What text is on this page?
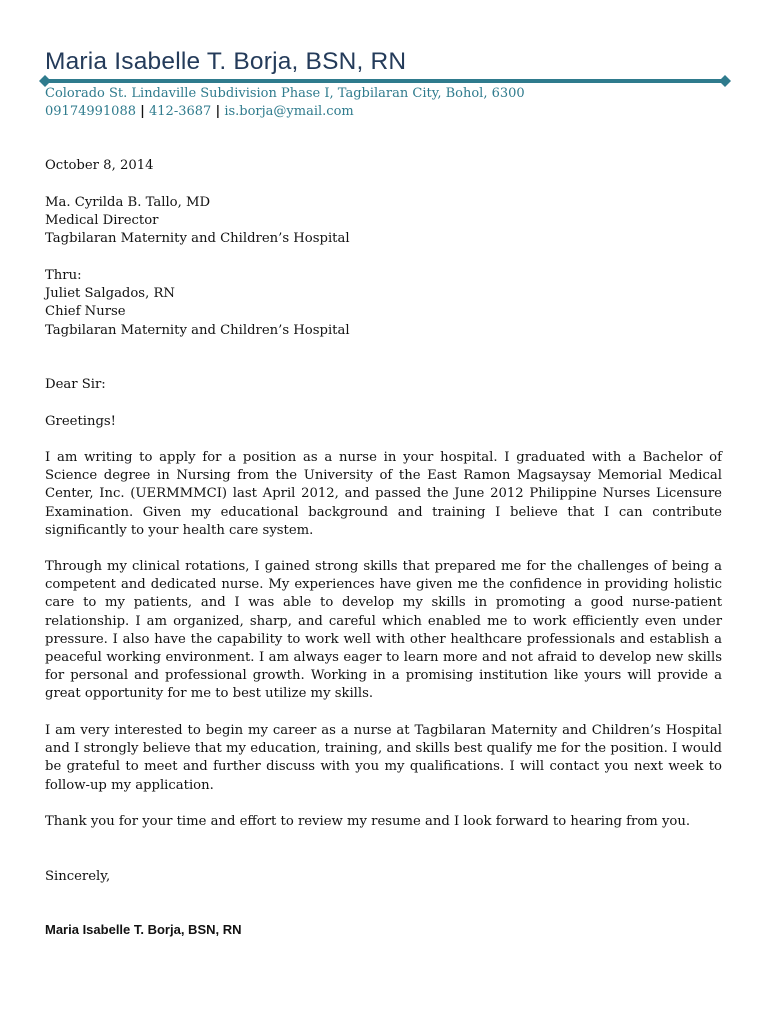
Maria Isabelle T. Borja, BSN, RN
Colorado St. Lindaville Subdivision Phase I, Tagbilaran City, Bohol, 6300
09174991088 | 412-3687 | is.borja@ymail.com
October 8, 2014
Ma. Cyrilda B. Tallo, MD
Medical Director
Tagbilaran Maternity and Children’s Hospital
Thru:
Juliet Salgados, RN
Chief Nurse
Tagbilaran Maternity and Children’s Hospital
Dear Sir:
Greetings!
I am writing to apply for a position as a nurse in your hospital. I graduated with a Bachelor of Science degree in Nursing from the University of the East Ramon Magsaysay Memorial Medical Center, Inc. (UERMMMCI) last April 2012, and passed the June 2012 Philippine Nurses Licensure Examination. Given my educational background and training I believe that I can contribute significantly to your health care system.
Through my clinical rotations, I gained strong skills that prepared me for the challenges of being a competent and dedicated nurse. My experiences have given me the confidence in providing holistic care to my patients, and I was able to develop my skills in promoting a good nurse-patient relationship. I am organized, sharp, and careful which enabled me to work efficiently even under pressure. I also have the capability to work well with other healthcare professionals and establish a peaceful working environment. I am always eager to learn more and not afraid to develop new skills for personal and professional growth. Working in a promising institution like yours will provide a great opportunity for me to best utilize my skills.
I am very interested to begin my career as a nurse at Tagbilaran Maternity and Children’s Hospital and I strongly believe that my education, training, and skills best qualify me for the position. I would be grateful to meet and further discuss with you my qualifications. I will contact you next week to follow-up my application.
Thank you for your time and effort to review my resume and I look forward to hearing from you.
Sincerely,
Maria Isabelle T. Borja, BSN, RN
